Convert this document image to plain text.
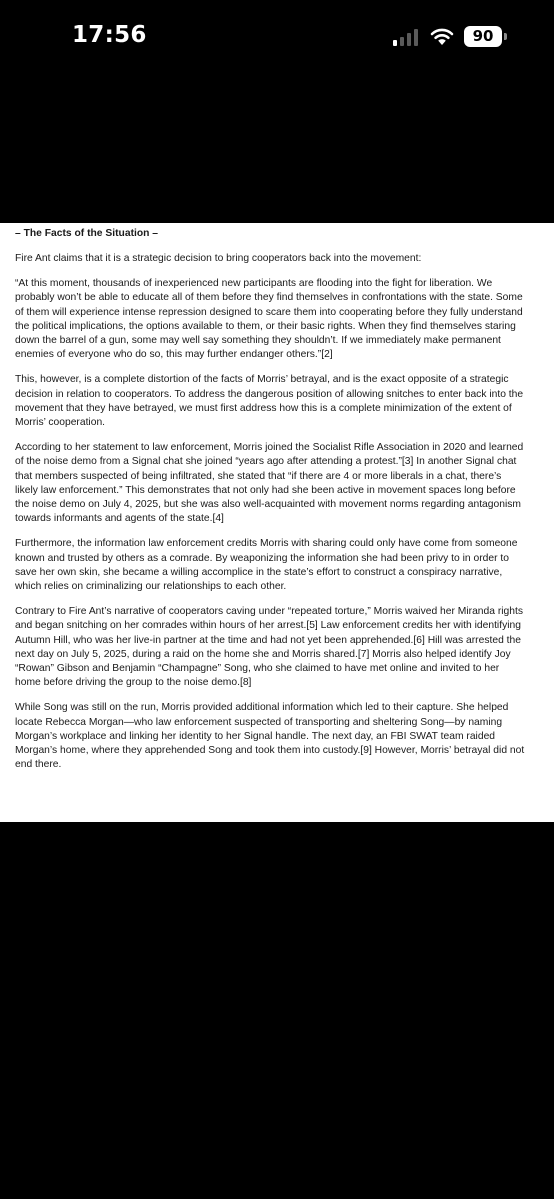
17:56	90
– The Facts of the Situation –

Fire Ant claims that it is a strategic decision to bring cooperators back into the movement:

“At this moment, thousands of inexperienced new participants are flooding into the fight for liberation. We probably won’t be able to educate all of them before they find themselves in confrontations with the state. Some of them will experience intense repression designed to scare them into cooperating before they fully understand the political implications, the options available to them, or their basic rights. When they find themselves staring down the barrel of a gun, some may well say something they shouldn’t. If we immediately make permanent enemies of everyone who do so, this may further endanger others.”[2]

This, however, is a complete distortion of the facts of Morris’ betrayal, and is the exact opposite of a strategic decision in relation to cooperators. To address the dangerous position of allowing snitches to enter back into the movement that they have betrayed, we must first address how this is a complete minimization of the extent of Morris’ cooperation.

According to her statement to law enforcement, Morris joined the Socialist Rifle Association in 2020 and learned of the noise demo from a Signal chat she joined “years ago after attending a protest.”[3] In another Signal chat that members suspected of being infiltrated, she stated that “if there are 4 or more liberals in a chat, there’s likely law enforcement.” This demonstrates that not only had she been active in movement spaces long before the noise demo on July 4, 2025, but she was also well-acquainted with movement norms regarding antagonism towards informants and agents of the state.[4]

Furthermore, the information law enforcement credits Morris with sharing could only have come from someone known and trusted by others as a comrade. By weaponizing the information she had been privy to in order to save her own skin, she became a willing accomplice in the state’s effort to construct a conspiracy narrative, which relies on criminalizing our relationships to each other.

Contrary to Fire Ant’s narrative of cooperators caving under “repeated torture,” Morris waived her Miranda rights and began snitching on her comrades within hours of her arrest.[5] Law enforcement credits her with identifying Autumn Hill, who was her live-in partner at the time and had not yet been apprehended.[6] Hill was arrested the next day on July 5, 2025, during a raid on the home she and Morris shared.[7] Morris also helped identify Joy “Rowan” Gibson and Benjamin “Champagne” Song, who she claimed to have met online and invited to her home before driving the group to the noise demo.[8]

While Song was still on the run, Morris provided additional information which led to their capture. She helped locate Rebecca Morgan—who law enforcement suspected of transporting and sheltering Song—by naming Morgan’s workplace and linking her identity to her Signal handle. The next day, an FBI SWAT team raided Morgan’s home, where they apprehended Song and took them into custody.[9] However, Morris’ betrayal did not end there.
